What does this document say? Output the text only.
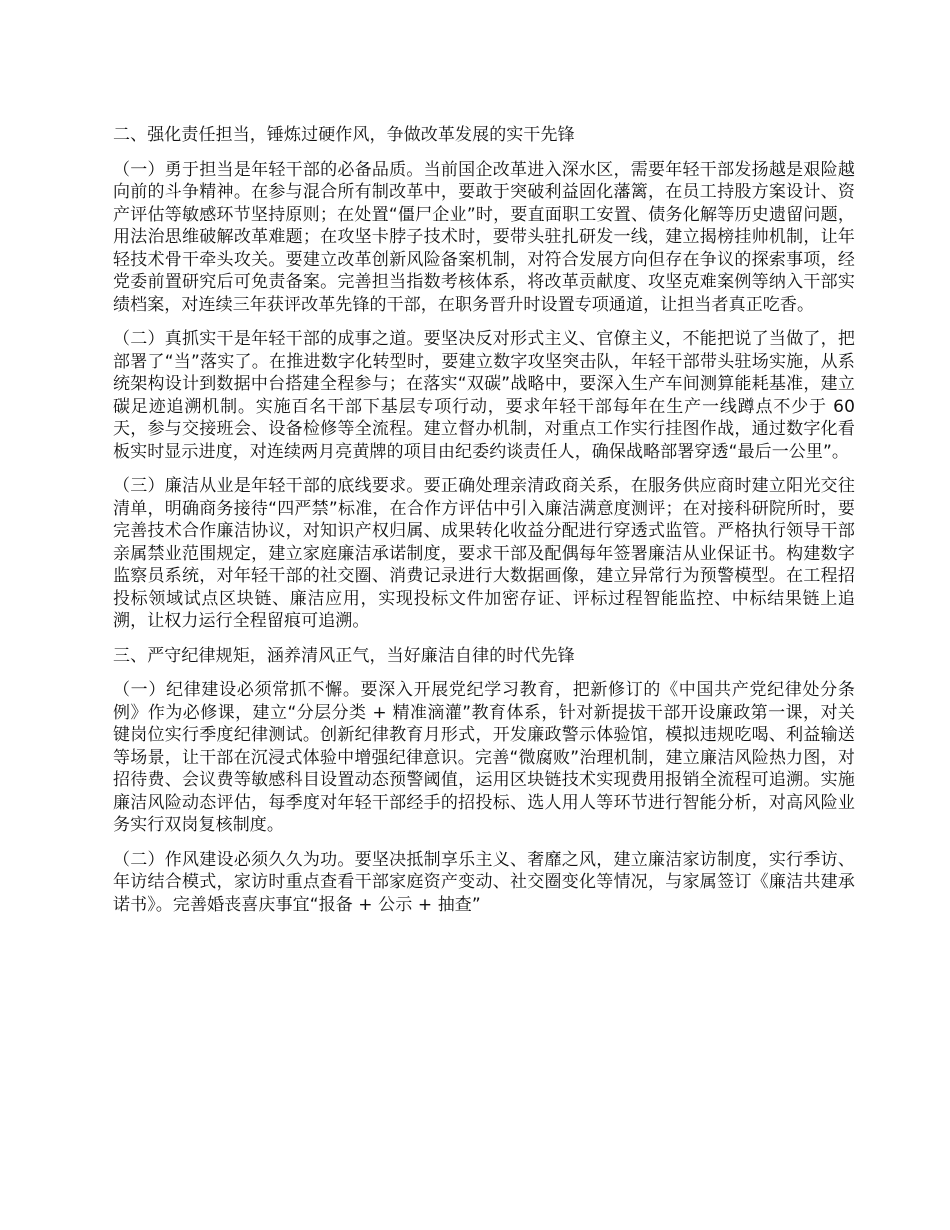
二、强化责任担当，锤炼过硬作风，争做改革发展的实干先锋
（一）勇于担当是年轻干部的必备品质。当前国企改革进入深水区，需要年轻干部发扬越是艰险越向前的斗争精神。在参与混合所有制改革中，要敢于突破利益固化藩篱，在员工持股方案设计、资产评估等敏感环节坚持原则；在处置“僵尸企业”时，要直面职工安置、债务化解等历史遗留问题，用法治思维破解改革难题；在攻坚卡脖子技术时，要带头驻扎研发一线，建立揭榜挂帅机制，让年轻技术骨干牵头攻关。要建立改革创新风险备案机制，对符合发展方向但存在争议的探索事项，经党委前置研究后可免责备案。完善担当指数考核体系，将改革贡献度、攻坚克难案例等纳入干部实绩档案，对连续三年获评改革先锋的干部，在职务晋升时设置专项通道，让担当者真正吃香。
（二）真抓实干是年轻干部的成事之道。要坚决反对形式主义、官僚主义，不能把说了当做了，把部署了“当”落实了。在推进数字化转型时，要建立数字攻坚突击队，年轻干部带头驻场实施，从系统架构设计到数据中台搭建全程参与；在落实“双碳”战略中，要深入生产车间测算能耗基准，建立碳足迹追溯机制。实施百名干部下基层专项行动，要求年轻干部每年在生产一线蹲点不少于 60 天，参与交接班会、设备检修等全流程。建立督办机制，对重点工作实行挂图作战，通过数字化看板实时显示进度，对连续两月亮黄牌的项目由纪委约谈责任人，确保战略部署穿透“最后一公里”。
（三）廉洁从业是年轻干部的底线要求。要正确处理亲清政商关系，在服务供应商时建立阳光交往清单，明确商务接待“四严禁”标准，在合作方评估中引入廉洁满意度测评；在对接科研院所时，要完善技术合作廉洁协议，对知识产权归属、成果转化收益分配进行穿透式监管。严格执行领导干部亲属禁业范围规定，建立家庭廉洁承诺制度，要求干部及配偶每年签署廉洁从业保证书。构建数字监察员系统，对年轻干部的社交圈、消费记录进行大数据画像，建立异常行为预警模型。在工程招投标领域试点区块链、廉洁应用，实现投标文件加密存证、评标过程智能监控、中标结果链上追溯，让权力运行全程留痕可追溯。
三、严守纪律规矩，涵养清风正气，当好廉洁自律的时代先锋
（一）纪律建设必须常抓不懈。要深入开展党纪学习教育，把新修订的《中国共产党纪律处分条例》作为必修课，建立“分层分类 + 精准滴灌”教育体系，针对新提拔干部开设廉政第一课，对关键岗位实行季度纪律测试。创新纪律教育月形式，开发廉政警示体验馆，模拟违规吃喝、利益输送等场景，让干部在沉浸式体验中增强纪律意识。完善“微腐败”治理机制，建立廉洁风险热力图，对招待费、会议费等敏感科目设置动态预警阈值，运用区块链技术实现费用报销全流程可追溯。实施廉洁风险动态评估，每季度对年轻干部经手的招投标、选人用人等环节进行智能分析，对高风险业务实行双岗复核制度。
（二）作风建设必须久久为功。要坚决抵制享乐主义、奢靡之风，建立廉洁家访制度，实行季访、年访结合模式，家访时重点查看干部家庭资产变动、社交圈变化等情况，与家属签订《廉洁共建承诺书》。完善婚丧喜庆事宜“报备 + 公示 + 抽查”
